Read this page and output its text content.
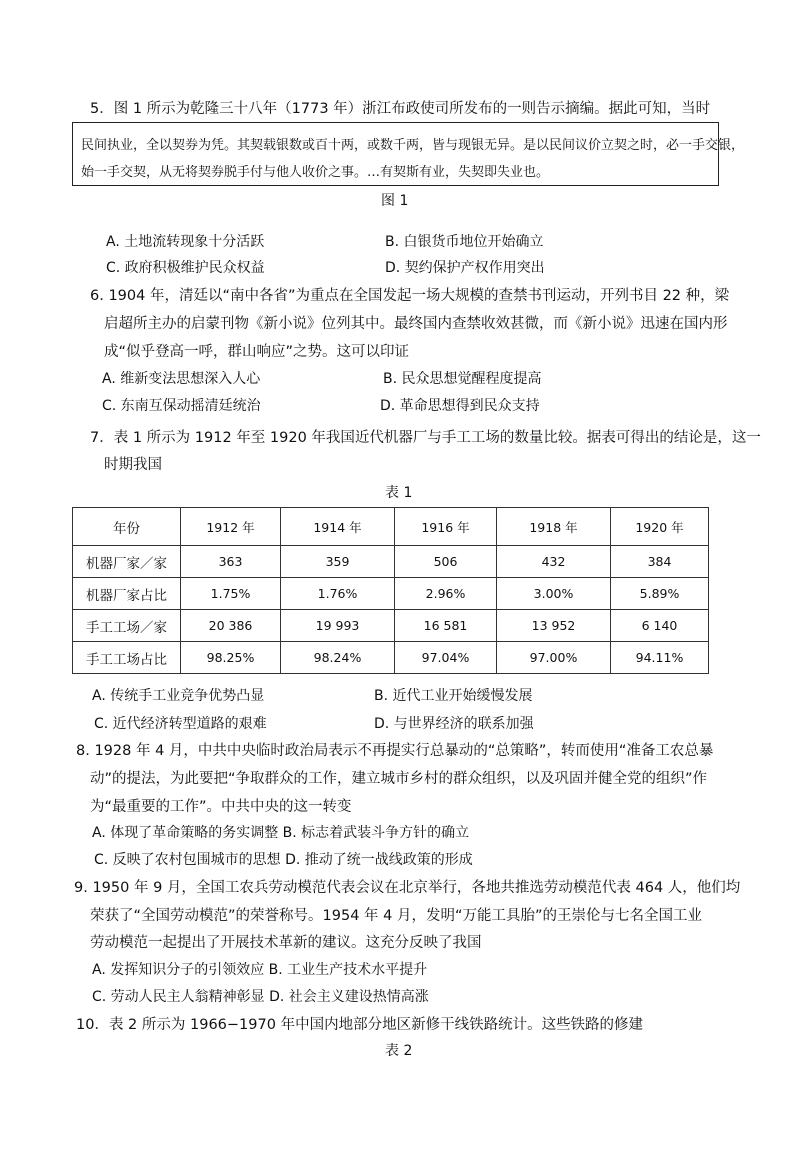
5．图 1 所示为乾隆三十八年（1773 年）浙江布政使司所发布的一则告示摘编。据此可知，当时
民间执业，全以契券为凭。其契载银数或百十两，或数千两，皆与现银无异。是以民间议价立契之时，必一手交银，
始一手交契，从无将契券脱手付与他人收价之事。…有契斯有业，失契即失业也。
图 1
A. 土地流转现象十分活跃	B. 白银货币地位开始确立
C. 政府积极维护民众权益	D. 契约保护产权作用突出
6. 1904 年，清廷以“南中各省”为重点在全国发起一场大规模的查禁书刊运动，开列书目 22 种，梁
启超所主办的启蒙刊物《新小说》位列其中。最终国内查禁收效甚微，而《新小说》迅速在国内形
成“似乎登高一呼，群山响应”之势。这可以印证
A. 维新变法思想深入人心	B. 民众思想觉醒程度提高
C. 东南互保动摇清廷统治	D. 革命思想得到民众支持
7．表 1 所示为 1912 年至 1920 年我国近代机器厂与手工工场的数量比较。据表可得出的结论是，这一
时期我国
表 1
年份	1912 年	1914 年	1916 年	1918 年	1920 年
机器厂家／家	363	359	506	432	384
机器厂家占比	1.75%	1.76%	2.96%	3.00%	5.89%
手工工场／家	20 386	19 993	16 581	13 952	6 140
手工工场占比	98.25%	98.24%	97.04%	97.00%	94.11%
A. 传统手工业竞争优势凸显	B. 近代工业开始缓慢发展
C. 近代经济转型道路的艰难	D. 与世界经济的联系加强
8. 1928 年 4 月，中共中央临时政治局表示不再提实行总暴动的“总策略”，转而使用“准备工农总暴
动”的提法，为此要把“争取群众的工作，建立城市乡村的群众组织，以及巩固并健全党的组织”作
为“最重要的工作”。中共中央的这一转变
A. 体现了革命策略的务实调整 B. 标志着武装斗争方针的确立
C. 反映了农村包围城市的思想 D. 推动了统一战线政策的形成
9. 1950 年 9 月，全国工农兵劳动模范代表会议在北京举行，各地共推选劳动模范代表 464 人，他们均
荣获了“全国劳动模范”的荣誉称号。1954 年 4 月，发明“万能工具胎”的王崇伦与七名全国工业
劳动模范一起提出了开展技术革新的建议。这充分反映了我国
A. 发挥知识分子的引领效应 B. 工业生产技术水平提升
C. 劳动人民主人翁精神彰显 D. 社会主义建设热情高涨
10．表 2 所示为 1966−1970 年中国内地部分地区新修干线铁路统计。这些铁路的修建
表 2
